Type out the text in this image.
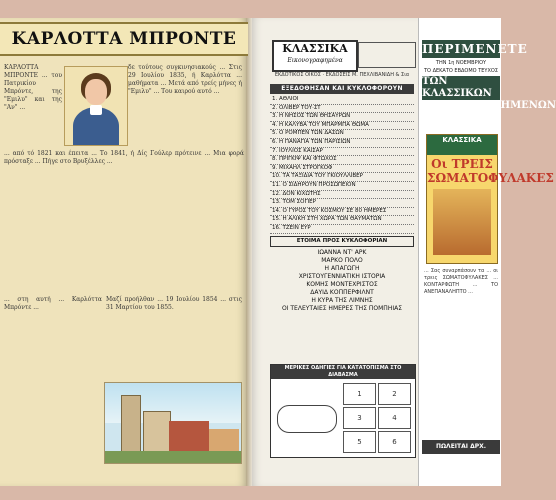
ΚΑΡΛΟΤΤΑ ΜΠΡΟΝΤΕ
ΚΑΡΛΟΤΤΑ ΜΠΡΟΝΤΕ ... του Πατρικίου Μπρόντε, της "Εμιλυ" και της "Αν" ...
δε τούτους συγκινησιακούς ... Στις 29 Ιουλίου 1835, ή Καρλόττα ... μαθήματα ... Μετά από τρείς μήνες ή "Εμιλυ" ... Του καιρού αυτό ...
... από τό 1821 και έπειτα ... Το 1841, ή Δίς Γούλερ πρότεινε ... Μια φορά πρόσταξε ... Πήγε στο Βρυξέλλες ...
... στη αυτή ... Καρλόττα Μπρόντε ...
Μαζί προήλθαν ... 19 Ιουλίου 1854 ... στις 31 Μαρτίου του 1855.
ΚΛΑΣΣΙΚΑ
Εικονογραφημένα
ΕΚΔΟΤΙΚΟΣ ΟΙΚΟΣ · ΕΚΔΟΣΕΙΣ Μ. ΠΕΧΛΙΒΑΝΙΔΗ & Σια
ΕΞΕΔΟΘΗΣΑΝ ΚΑΙ ΚΥΚΛΟΦΟΡΟΥΝ
1. ΑΘΛΙΟΙ
2. ΟΛΙΒΕΡ ΤΟΥ·ΣΤ
3. Η ΝΗΣΟΣ ΤΩΝ ΘΗΣΑΥΡΩΝ
4. Η ΚΑΛΥΒΑ ΤΟΥ ΜΠΑΡΜΠΑ ΘΩΜΑ
5. Ο ΡΟΜΠΕΝ ΤΩΝ ΔΑΣΩΝ
6. Η ΠΑΝΑΓΙΑ ΤΩΝ ΠΑΡΙΣΙΩΝ
7. ΙΟΥΛΙΟΣ ΚΑΙΣΑΡ
8. ΠΡΙΓΚΙΨ ΚΑΙ ΦΤΩΧΟΣ
9. ΜΙΧΑΗΛ ΣΤΡΟΓΚΟΦ
10. ΤΑ ΤΑΞΙΔΙΑ ΤΟΥ ΓΚΙΟΥΛΛΙΒΕΡ
11. Ο ΣΙΔΗΡΟΥΝ ΠΡΟΣΩΠΕΙΟΝ
12. ΔΟΝ ΚΙΧΩΤΗΣ
13. ΤΟΜ ΣΟΓΙΕΡ
14. Ο ΓΥΡΟΣ ΤΟΥ ΚΟΣΜΟΥ ΣΕ 80 ΗΜΕΡΕΣ
15. Η ΑΛΙΚΗ ΣΤΗ ΧΩΡΑ ΤΩΝ ΘΑΥΜΑΤΩΝ
16. ΤΖΕΙΝ ΕΥΡ
ΕΤΟΙΜΑ ΠΡΟΣ ΚΥΚΛΟΦΟΡΙΑΝ
ΙΩΑΝΝΑ ΝΤ' ΑΡΚ
ΜΑΡΚΟ ΠΟΛΟ
Η ΑΠΑΓΩΓΗ
ΧΡΙΣΤΟΥΓΕΝΝΙΑΤΙΚΗ ΙΣΤΟΡΙΑ
ΚΟΜΗΣ ΜΟΝΤΕΧΡΙΣΤΟΣ
ΔΑΥΙΔ ΚΟΠΠΕΡΦΙΛΝΤ
Η ΚΥΡΑ ΤΗΣ ΛΙΜΝΗΣ
ΟΙ ΤΕΛΕΥΤΑΙΕΣ ΗΜΕΡΕΣ ΤΗΣ ΠΟΜΠΗΙΑΣ
ΜΕΡΙΚΕΣ ΟΔΗΓΙΕΣ ΓΙΑ ΚΑΤΑΤΟΠΙΣΜΑ ΣΤΟ ΔΙΑΒΑΣΜΑ
1	2
3	4
5	6
ΠΕΡΙΜΕΝΕΤΕ
ΤΗΝ 1η ΝΟΕΜΒΡΙΟΥ
ΤΟ ΔΕΚΑΤΟ ΕΒΔΟΜΟ ΤΕΥΧΟΣ
ΤΩΝ ΚΛΑΣΣΙΚΩΝ ΕΙΚΟΝΟΓΡΑΦΗΜΕΝΩΝ
ΚΛΑΣΣΙΚΑ
Οι ΤΡΕΙΣ ΣΩΜΑΤΟΦΥΛΑΚΕΣ
... Σας συναρπάσουν τα ... οι τρεις ΣΩΜΑΤΟΦΥΛΑΚΕΣ ... ΚΟΝΤΑΡΦΩΤΗ ... ΤΟ ΑΝΕΠΑΝΑΛΗΠΤΟ ...
ΠΩΛΕΙΤΑΙ ΔΡΧ.
